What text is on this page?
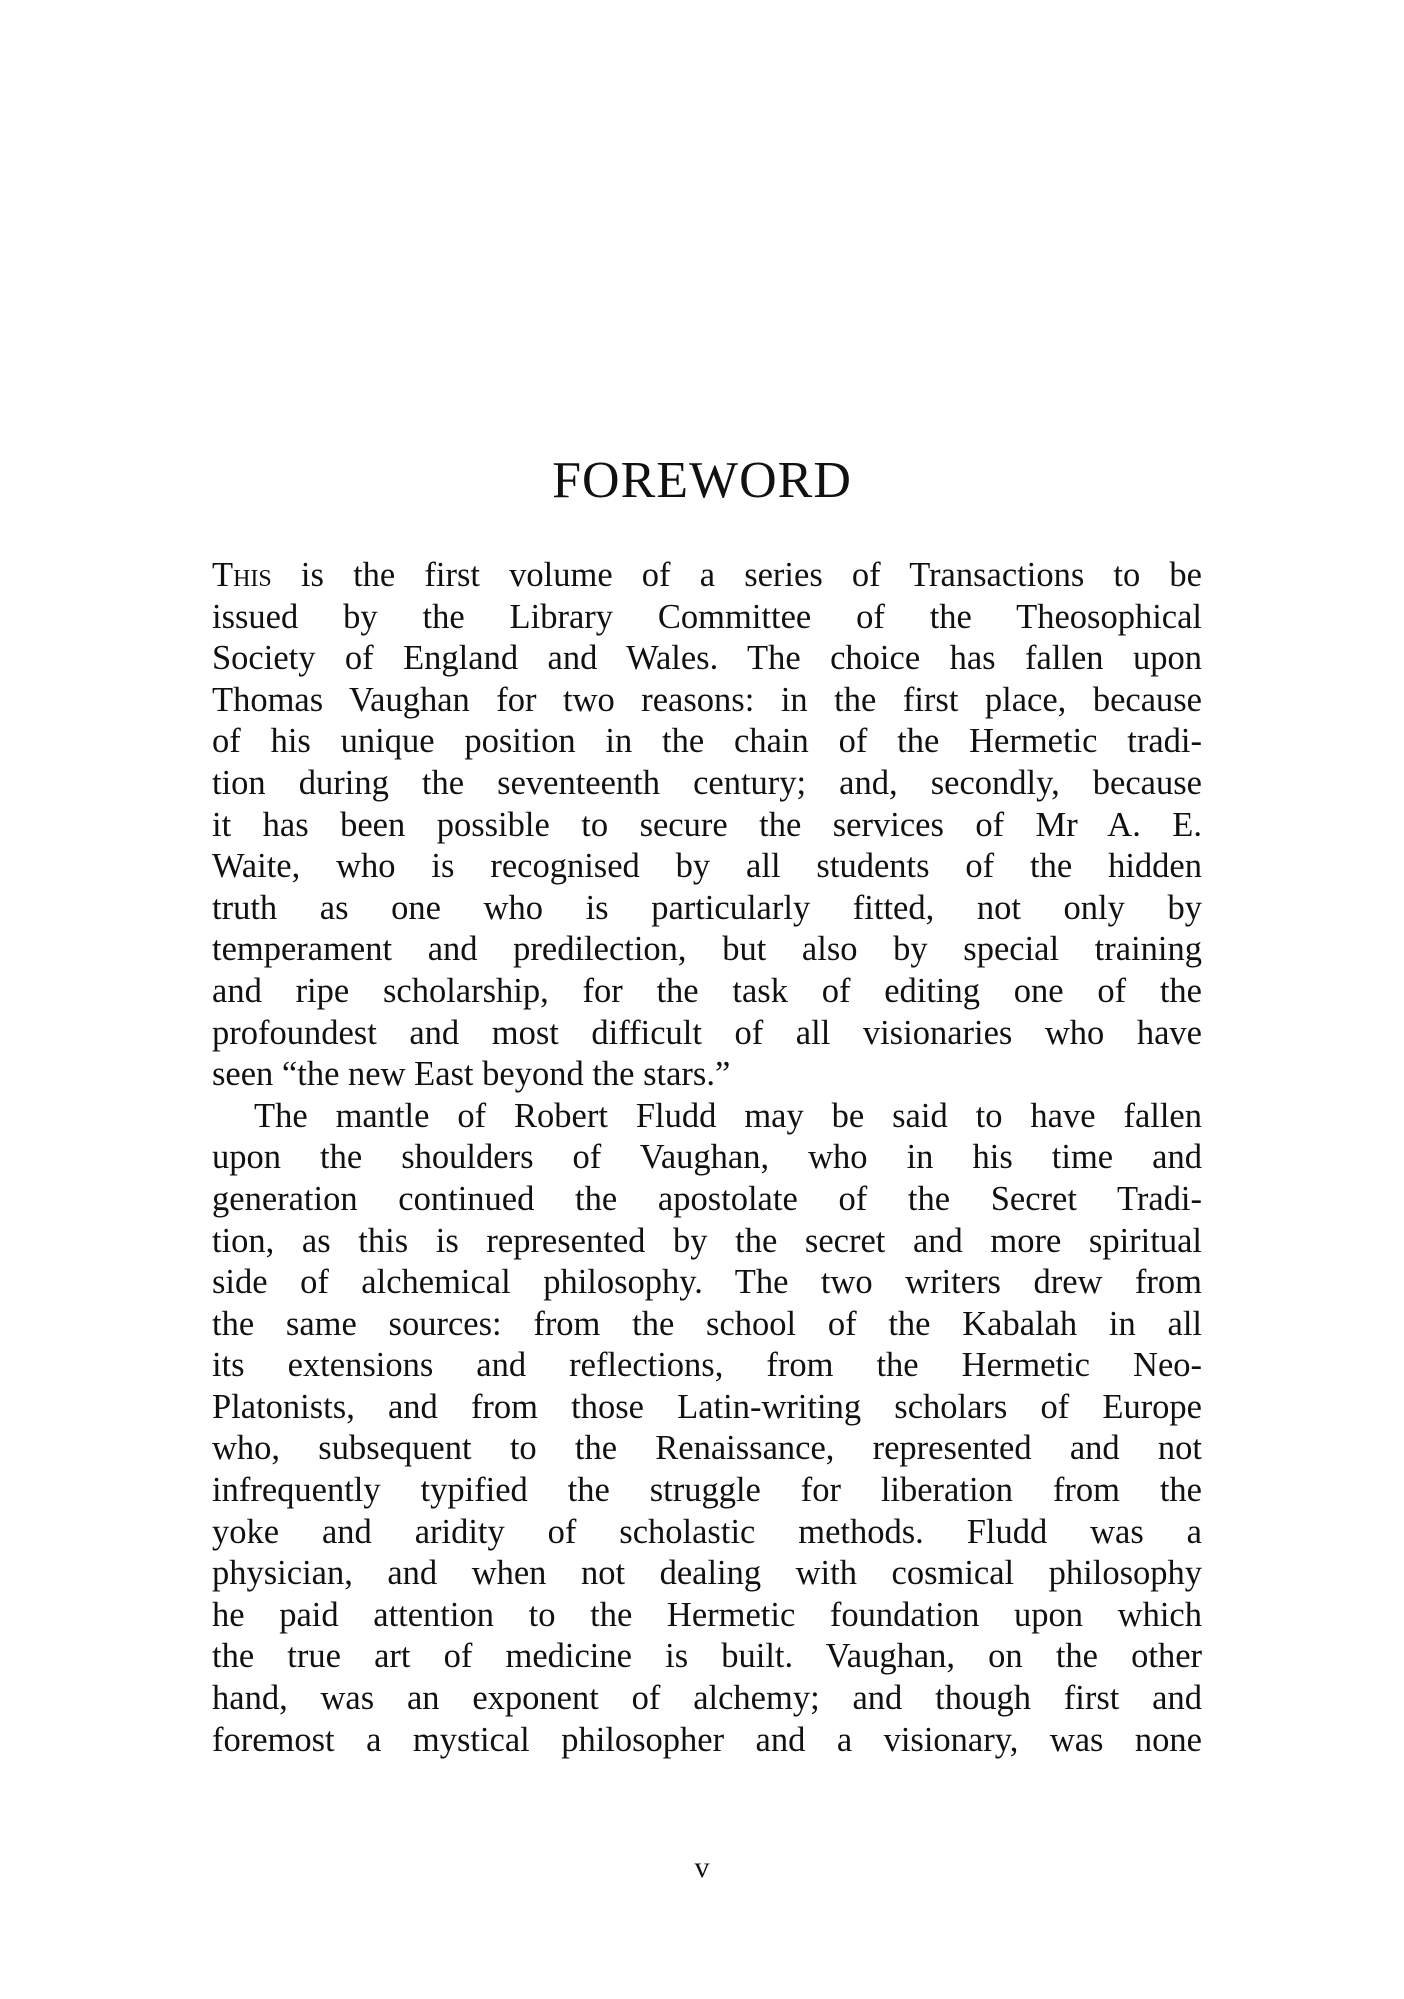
FOREWORD
This is the first volume of a series of Transactions to be
issued by the Library Committee of the Theosophical
Society of England and Wales. The choice has fallen upon
Thomas Vaughan for two reasons: in the first place, because
of his unique position in the chain of the Hermetic tradi-
tion during the seventeenth century; and, secondly, because
it has been possible to secure the services of Mr A. E.
Waite, who is recognised by all students of the hidden
truth as one who is particularly fitted, not only by
temperament and predilection, but also by special training
and ripe scholarship, for the task of editing one of the
profoundest and most difficult of all visionaries who have
seen “the new East beyond the stars.”
The mantle of Robert Fludd may be said to have fallen
upon the shoulders of Vaughan, who in his time and
generation continued the apostolate of the Secret Tradi-
tion, as this is represented by the secret and more spiritual
side of alchemical philosophy. The two writers drew from
the same sources: from the school of the Kabalah in all
its extensions and reflections, from the Hermetic Neo-
Platonists, and from those Latin-writing scholars of Europe
who, subsequent to the Renaissance, represented and not
infrequently typified the struggle for liberation from the
yoke and aridity of scholastic methods. Fludd was a
physician, and when not dealing with cosmical philosophy
he paid attention to the Hermetic foundation upon which
the true art of medicine is built. Vaughan, on the other
hand, was an exponent of alchemy; and though first and
foremost a mystical philosopher and a visionary, was none
v
